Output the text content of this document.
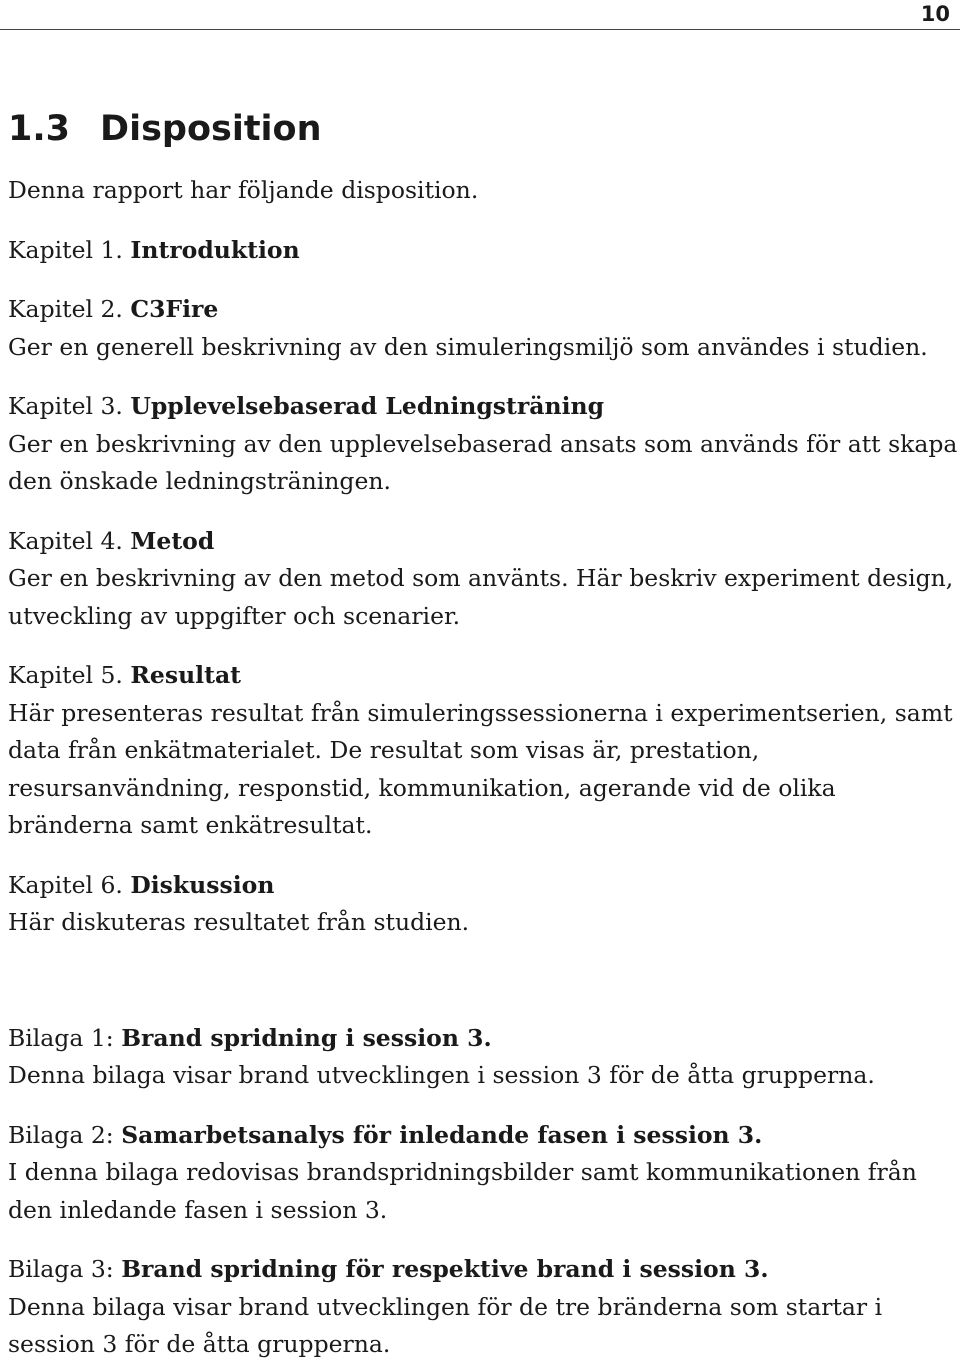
10
1.3 Disposition

Denna rapport har följande disposition.

Kapitel 1. Introduktion

Kapitel 2. C3Fire
Ger en generell beskrivning av den simuleringsmiljö som användes i studien.

Kapitel 3. Upplevelsebaserad Ledningsträning
Ger en beskrivning av den upplevelsebaserad ansats som används för att skapa
den önskade ledningsträningen.

Kapitel 4. Metod
Ger en beskrivning av den metod som använts. Här beskriv experiment design,
utveckling av uppgifter och scenarier.

Kapitel 5. Resultat
Här presenteras resultat från simuleringssessionerna i experimentserien, samt
data från enkätmaterialet. De resultat som visas är, prestation,
resursanvändning, responstid, kommunikation, agerande vid de olika
bränderna samt enkätresultat.

Kapitel 6. Diskussion
Här diskuteras resultatet från studien.

Bilaga 1: Brand spridning i session 3.
Denna bilaga visar brand utvecklingen i session 3 för de åtta grupperna.

Bilaga 2: Samarbetsanalys för inledande fasen i session 3.
I denna bilaga redovisas brandspridningsbilder samt kommunikationen från
den inledande fasen i session 3.

Bilaga 3: Brand spridning för respektive brand i session 3.
Denna bilaga visar brand utvecklingen för de tre bränderna som startar i
session 3 för de åtta grupperna.
